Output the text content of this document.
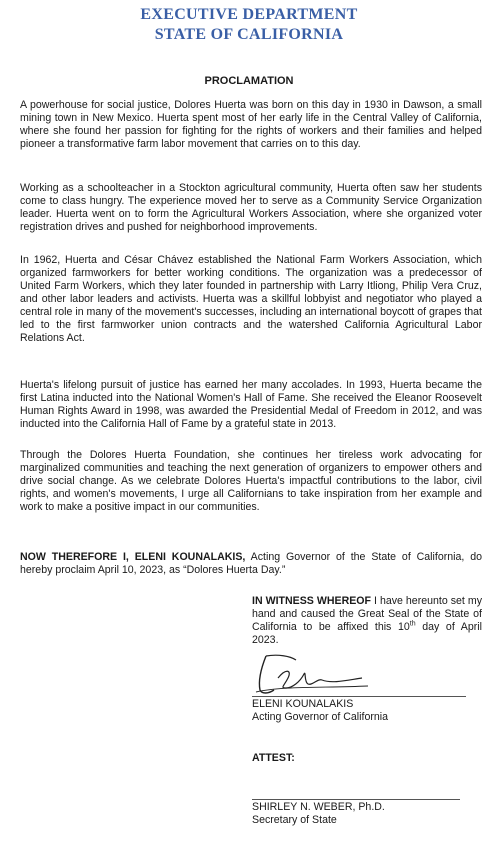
EXECUTIVE DEPARTMENT
STATE OF CALIFORNIA
PROCLAMATION

A powerhouse for social justice, Dolores Huerta was born on this day in 1930 in Dawson, a small mining town in New Mexico. Huerta spent most of her early life in the Central Valley of California, where she found her passion for fighting for the rights of workers and their families and helped pioneer a transformative farm labor movement that carries on to this day.

Working as a schoolteacher in a Stockton agricultural community, Huerta often saw her students come to class hungry. The experience moved her to serve as a Community Service Organization leader. Huerta went on to form the Agricultural Workers Association, where she organized voter registration drives and pushed for neighborhood improvements.

In 1962, Huerta and César Chávez established the National Farm Workers Association, which organized farmworkers for better working conditions. The organization was a predecessor of United Farm Workers, which they later founded in partnership with Larry Itliong, Philip Vera Cruz, and other labor leaders and activists. Huerta was a skillful lobbyist and negotiator who played a central role in many of the movement's successes, including an international boycott of grapes that led to the first farmworker union contracts and the watershed California Agricultural Labor Relations Act.

Huerta's lifelong pursuit of justice has earned her many accolades. In 1993, Huerta became the first Latina inducted into the National Women's Hall of Fame. She received the Eleanor Roosevelt Human Rights Award in 1998, was awarded the Presidential Medal of Freedom in 2012, and was inducted into the California Hall of Fame by a grateful state in 2013.

Through the Dolores Huerta Foundation, she continues her tireless work advocating for marginalized communities and teaching the next generation of organizers to empower others and drive social change. As we celebrate Dolores Huerta's impactful contributions to the labor, civil rights, and women's movements, I urge all Californians to take inspiration from her example and work to make a positive impact in our communities.

NOW THEREFORE I, ELENI KOUNALAKIS, Acting Governor of the State of California, do hereby proclaim April 10, 2023, as “Dolores Huerta Day.”

IN WITNESS WHEREOF I have hereunto set my hand and caused the Great Seal of the State of California to be affixed this 10th day of April 2023.

ELENI KOUNALAKIS
Acting Governor of California
ATTEST:
SHIRLEY N. WEBER, Ph.D.
Secretary of State
